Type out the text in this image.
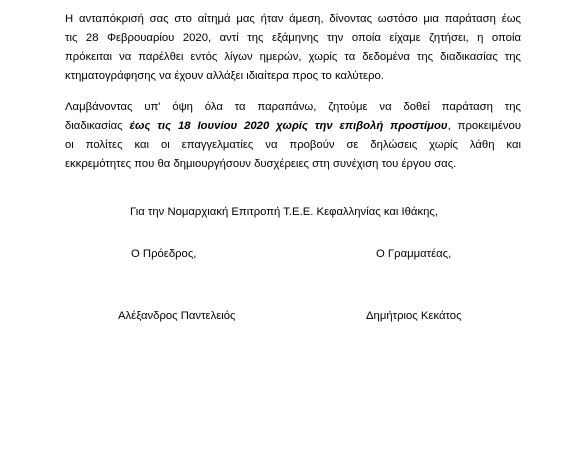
Η ανταπόκρισή σας στο αίτημά μας ήταν άμεση, δίνοντας ωστόσο μια παράταση έως
τις 28 Φεβρουαρίου 2020, αντί της εξάμηνης την οποία είχαμε ζητήσει, η οποία
πρόκειται να παρέλθει εντός λίγων ημερών, χωρίς τα δεδομένα της διαδικασίας της
κτηματογράφησης να έχουν αλλάξει ιδιαίτερα προς το καλύτερο.
Λαμβάνοντας υπ' όψη όλα τα παραπάνω, ζητούμε να δοθεί παράταση της
διαδικασίας έως τις 18 Ιουνίου 2020 χωρίς την επιβολή προστίμου, προκειμένου
οι πολίτες και οι επαγγελματίες να προβούν σε δηλώσεις χωρίς λάθη και
εκκρεμότητες που θα δημιουργήσουν δυσχέρειες στη συνέχιση του έργου σας.

Για την Νομαρχιακή Επιτροπή Τ.Ε.Ε. Κεφαλληνίας και Ιθάκης,

Ο Πρόεδρος,	Ο Γραμματέας,

Αλέξανδρος Παντελειός	Δημήτριος Κεκάτος
